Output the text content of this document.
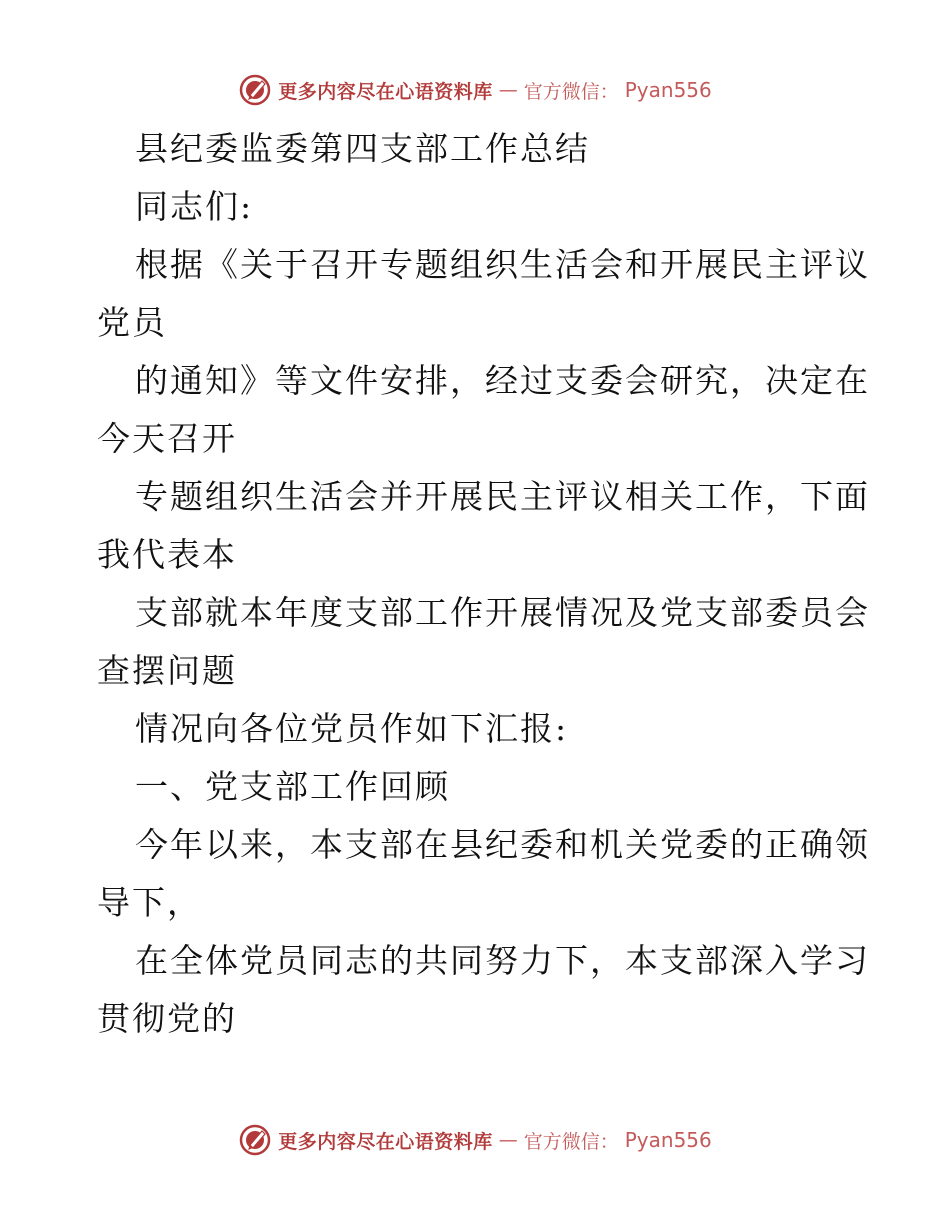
更多内容尽在心语资料库 — 官方微信： Pyan556
县纪委监委第四支部工作总结
同志们:
根据《关于召开专题组织生活会和开展民主评议
党员
的通知》等文件安排，经过支委会研究，决定在
今天召开
专题组织生活会并开展民主评议相关工作，下面
我代表本
支部就本年度支部工作开展情况及党支部委员会
查摆问题
情况向各位党员作如下汇报:
一、党支部工作回顾
今年以来，本支部在县纪委和机关党委的正确领
导下，
在全体党员同志的共同努力下，本支部深入学习
贯彻党的
更多内容尽在心语资料库 — 官方微信： Pyan556
